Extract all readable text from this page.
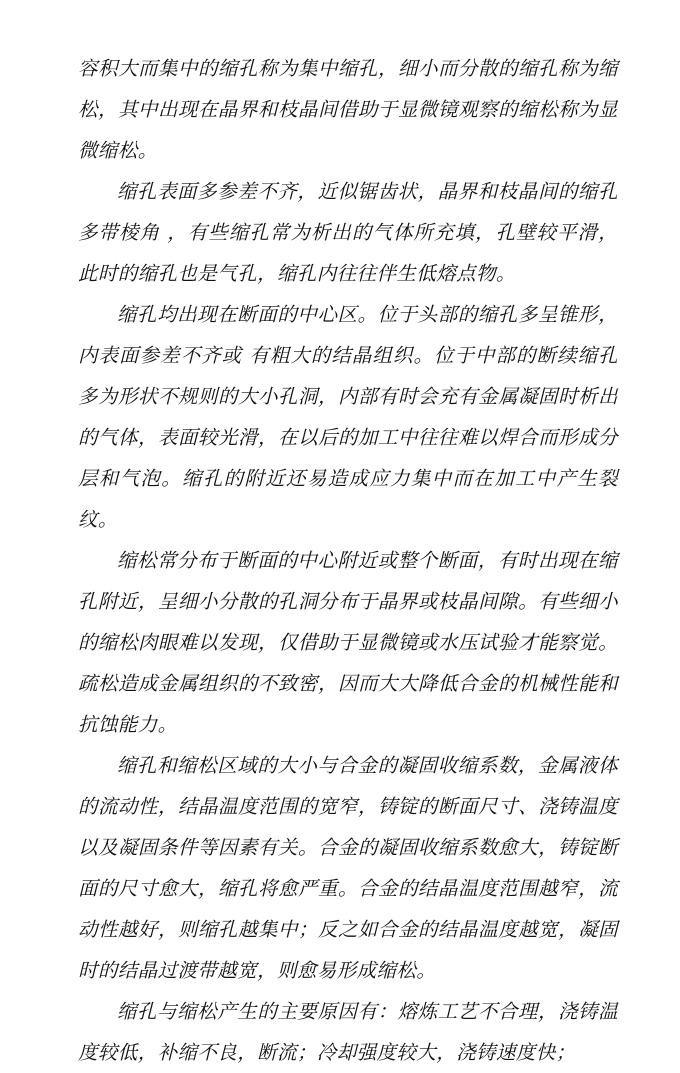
容积大而集中的缩孔称为集中缩孔，细小而分散的缩孔称为缩松，其中出现在晶界和枝晶间借助于显微镜观察的缩松称为显微缩松。

缩孔表面多参差不齐，近似锯齿状，晶界和枝晶间的缩孔多带棱角 ，有些缩孔常为析出的气体所充填，孔壁较平滑，此时的缩孔也是气孔，缩孔内往往伴生低熔点物。

缩孔均出现在断面的中心区。位于头部的缩孔多呈锥形，内表面参差不齐或 有粗大的结晶组织。位于中部的断续缩孔多为形状不规则的大小孔洞，内部有时会充有金属凝固时析出的气体，表面较光滑，在以后的加工中往往难以焊合而形成分层和气泡。缩孔的附近还易造成应力集中而在加工中产生裂纹。

缩松常分布于断面的中心附近或整个断面，有时出现在缩孔附近，呈细小分散的孔洞分布于晶界或枝晶间隙。有些细小的缩松肉眼难以发现，仅借助于显微镜或水压试验才能察觉。疏松造成金属组织的不致密，因而大大降低合金的机械性能和抗蚀能力。

缩孔和缩松区域的大小与合金的凝固收缩系数，金属液体的流动性，结晶温度范围的宽窄，铸锭的断面尺寸、浇铸温度以及凝固条件等因素有关。合金的凝固收缩系数愈大，铸锭断面的尺寸愈大，缩孔将愈严重。合金的结晶温度范围越窄，流动性越好，则缩孔越集中；反之如合金的结晶温度越宽，凝固时的结晶过渡带越宽，则愈易形成缩松。

缩孔与缩松产生的主要原因有：熔炼工艺不合理，浇铸温度较低，补缩不良，断流；冷却强度较大，浇铸速度快；
